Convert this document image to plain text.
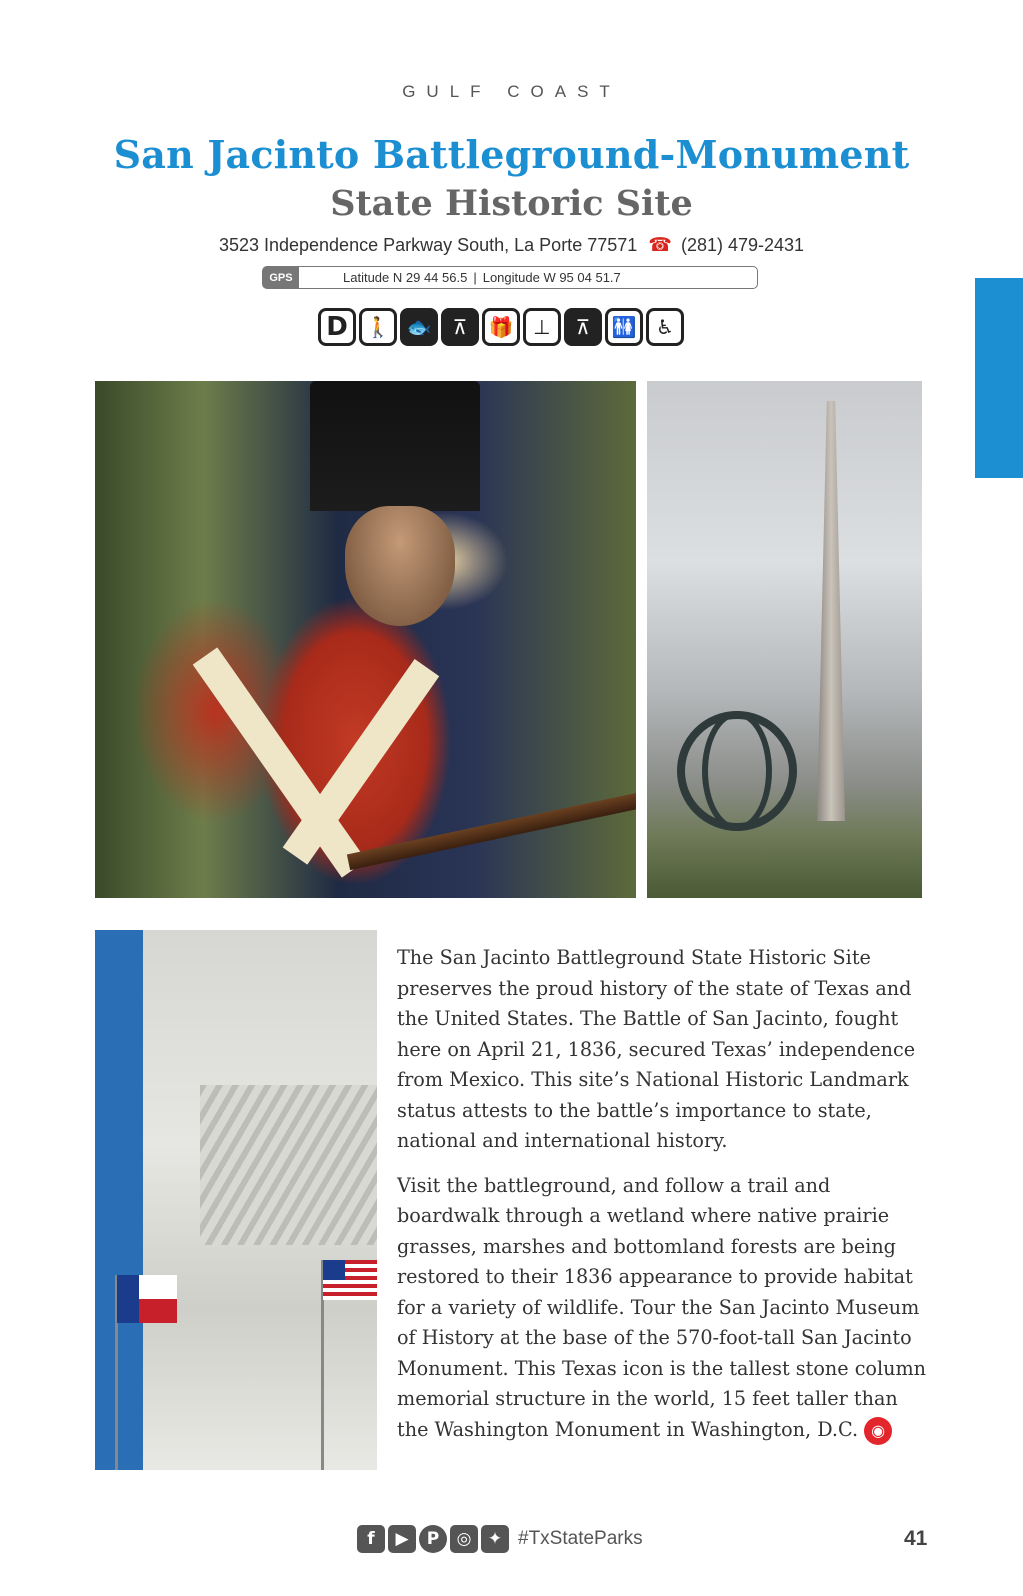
GULF COAST
San Jacinto Battleground-Monument
State Historic Site
3523 Independence Parkway South, La Porte 77571 ☎ (281) 479-2431
GPS	Latitude N 29 44 56.5 | Longitude W 95 04 51.7
D 🚶 🐟	⊼	🎁 ⊥	⊼	🚻 ♿

The San Jacinto Battleground State Historic Site preserves the proud history of the state of Texas and the United States. The Battle of San Jacinto, fought here on April 21, 1836, secured Texas’ independence from Mexico. This site’s National Historic Landmark status attests to the battle’s importance to state, national and international history.

Visit the battleground, and follow a trail and boardwalk through a wetland where native prairie grasses, marshes and bottomland forests are being restored to their 1836 appearance to provide habitat for a variety of wildlife. Tour the San Jacinto Museum of History at the base of the 570-foot-tall San Jacinto Monument. This Texas icon is the tallest stone column memorial structure in the world, 15 feet taller than the Washington Monument in Washington, D.C. ◉

f	▶	P	◎ ✦ #TxStateParks	41
